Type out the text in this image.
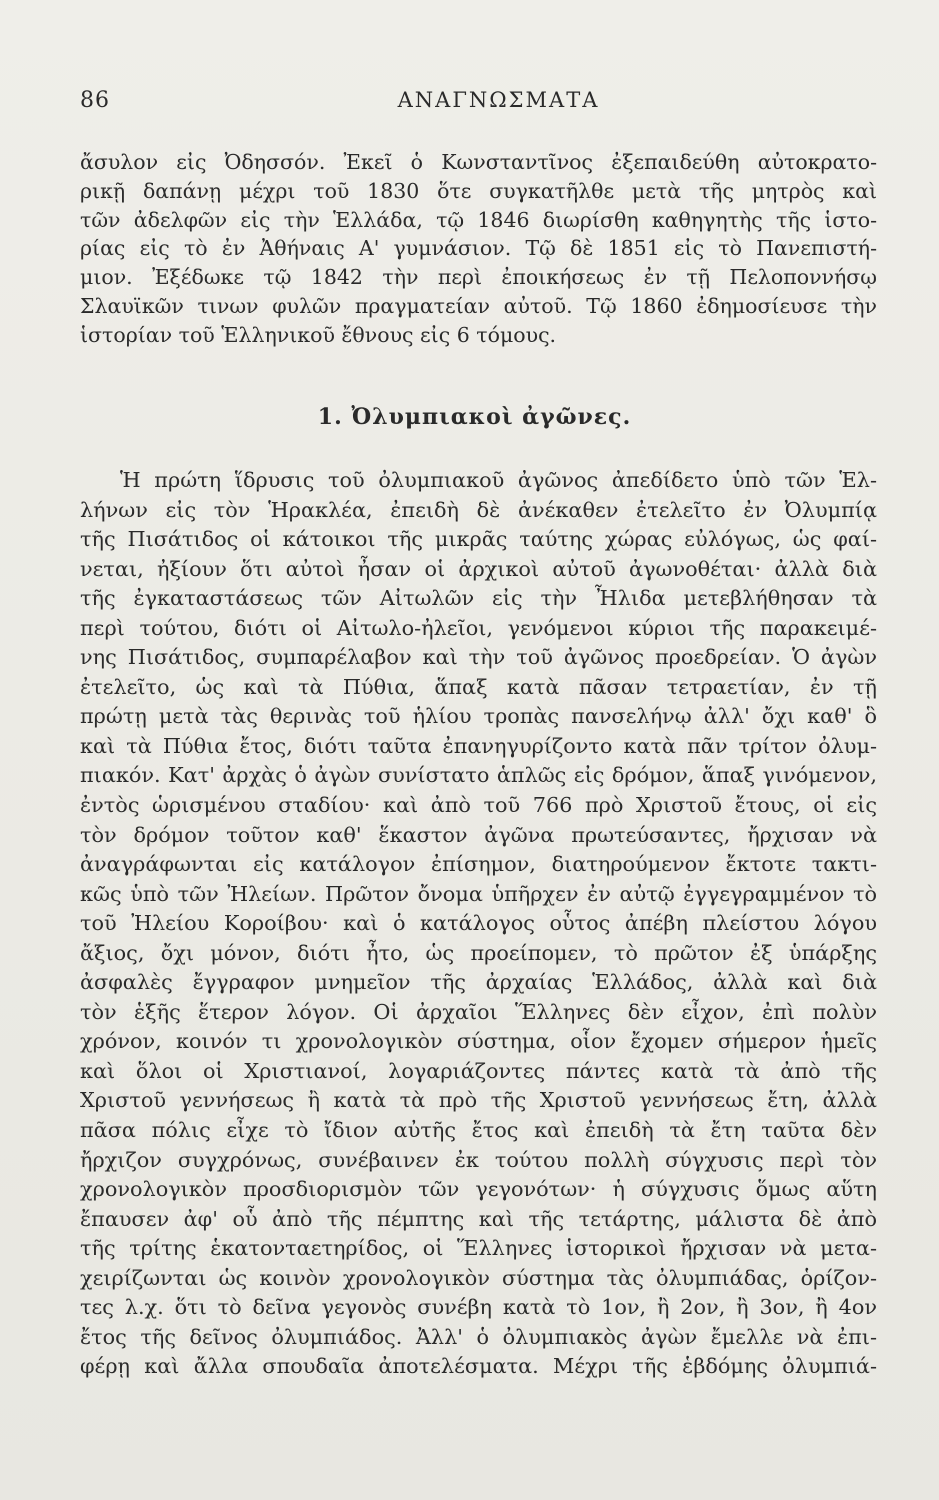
86	ΑΝΑΓΝΩΣΜΑΤΑ
ἄσυλον εἰς Ὀδησσόν. Ἐκεῖ ὁ Κωνσταντῖνος ἐξεπαιδεύθη αὐτοκρατο-
ρικῇ δαπάνῃ μέχρι τοῦ 1830 ὅτε συγκατῆλθε μετὰ τῆς μητρὸς καὶ
τῶν ἀδελφῶν εἰς τὴν Ἑλλάδα, τῷ 1846 διωρίσθη καθηγητὴς τῆς ἱστο-
ρίας εἰς τὸ ἐν Ἀθήναις Α' γυμνάσιον. Τῷ δὲ 1851 εἰς τὸ Πανεπιστή-
μιον. Ἐξέδωκε τῷ 1842 τὴν περὶ ἐποικήσεως ἐν τῇ Πελοποννήσῳ
Σλαυϊκῶν τινων φυλῶν πραγματείαν αὐτοῦ. Τῷ 1860 ἐδημοσίευσε τὴν
ἱστορίαν τοῦ Ἑλληνικοῦ ἔθνους εἰς 6 τόμους.
1. Ὀλυμπιακοὶ ἀγῶνες.
Ἡ πρώτη ἵδρυσις τοῦ ὀλυμπιακοῦ ἀγῶνος ἀπεδίδετο ὑπὸ τῶν Ἑλ-
λήνων εἰς τὸν Ἡρακλέα, ἐπειδὴ δὲ ἀνέκαθεν ἐτελεῖτο ἐν Ὀλυμπίᾳ
τῆς Πισάτιδος οἱ κάτοικοι τῆς μικρᾶς ταύτης χώρας εὐλόγως, ὡς φαί-
νεται, ἠξίουν ὅτι αὐτοὶ ἦσαν οἱ ἀρχικοὶ αὐτοῦ ἀγωνοθέται· ἀλλὰ διὰ
τῆς ἐγκαταστάσεως τῶν Αἰτωλῶν εἰς τὴν Ἦλιδα μετεβλήθησαν τὰ
περὶ τούτου, διότι οἱ Αἰτωλο-ἠλεῖοι, γενόμενοι κύριοι τῆς παρακειμέ-
νης Πισάτιδος, συμπαρέλαβον καὶ τὴν τοῦ ἀγῶνος προεδρείαν. Ὁ ἀγὼν
ἐτελεῖτο, ὡς καὶ τὰ Πύθια, ἅπαξ κατὰ πᾶσαν τετραετίαν, ἐν τῇ
πρώτῃ μετὰ τὰς θερινὰς τοῦ ἡλίου τροπὰς πανσελήνῳ ἀλλ' ὄχι καθ' ὃ
καὶ τὰ Πύθια ἔτος, διότι ταῦτα ἐπανηγυρίζοντο κατὰ πᾶν τρίτον ὀλυμ-
πιακόν. Κατ' ἀρχὰς ὁ ἀγὼν συνίστατο ἁπλῶς εἰς δρόμον, ἅπαξ γινόμενον,
ἐντὸς ὡρισμένου σταδίου· καὶ ἀπὸ τοῦ 766 πρὸ Χριστοῦ ἔτους, οἱ εἰς
τὸν δρόμον τοῦτον καθ' ἕκαστον ἀγῶνα πρωτεύσαντες, ἤρχισαν νὰ
ἀναγράφωνται εἰς κατάλογον ἐπίσημον, διατηρούμενον ἔκτοτε τακτι-
κῶς ὑπὸ τῶν Ἠλείων. Πρῶτον ὄνομα ὑπῆρχεν ἐν αὐτῷ ἐγγεγραμμένον τὸ
τοῦ Ἠλείου Κοροίβου· καὶ ὁ κατάλογος οὗτος ἀπέβη πλείστου λόγου
ἄξιος, ὄχι μόνον, διότι ἦτο, ὡς προείπομεν, τὸ πρῶτον ἐξ ὑπάρξης
ἀσφαλὲς ἔγγραφον μνημεῖον τῆς ἀρχαίας Ἑλλάδος, ἀλλὰ καὶ διὰ
τὸν ἑξῆς ἕτερον λόγον. Οἱ ἀρχαῖοι Ἕλληνες δὲν εἶχον, ἐπὶ πολὺν
χρόνον, κοινόν τι χρονολογικὸν σύστημα, οἷον ἔχομεν σήμερον ἡμεῖς
καὶ ὅλοι οἱ Χριστιανοί, λογαριάζοντες πάντες κατὰ τὰ ἀπὸ τῆς
Χριστοῦ γεννήσεως ἢ κατὰ τὰ πρὸ τῆς Χριστοῦ γεννήσεως ἔτη, ἀλλὰ
πᾶσα πόλις εἶχε τὸ ἴδιον αὐτῆς ἔτος καὶ ἐπειδὴ τὰ ἔτη ταῦτα δὲν
ἤρχιζον συγχρόνως, συνέβαινεν ἐκ τούτου πολλὴ σύγχυσις περὶ τὸν
χρονολογικὸν προσδιορισμὸν τῶν γεγονότων· ἡ σύγχυσις ὅμως αὕτη
ἔπαυσεν ἀφ' οὗ ἀπὸ τῆς πέμπτης καὶ τῆς τετάρτης, μάλιστα δὲ ἀπὸ
τῆς τρίτης ἑκατονταετηρίδος, οἱ Ἕλληνες ἱστορικοὶ ἤρχισαν νὰ μετα-
χειρίζωνται ὡς κοινὸν χρονολογικὸν σύστημα τὰς ὀλυμπιάδας, ὁρίζον-
τες λ.χ. ὅτι τὸ δεῖνα γεγονὸς συνέβη κατὰ τὸ 1ον, ἢ 2ον, ἢ 3ον, ἢ 4ον
ἔτος τῆς δεῖνος ὀλυμπιάδος. Ἀλλ' ὁ ὀλυμπιακὸς ἀγὼν ἔμελλε νὰ ἐπι-
φέρῃ καὶ ἄλλα σπουδαῖα ἀποτελέσματα. Μέχρι τῆς ἑβδόμης ὀλυμπιά-
